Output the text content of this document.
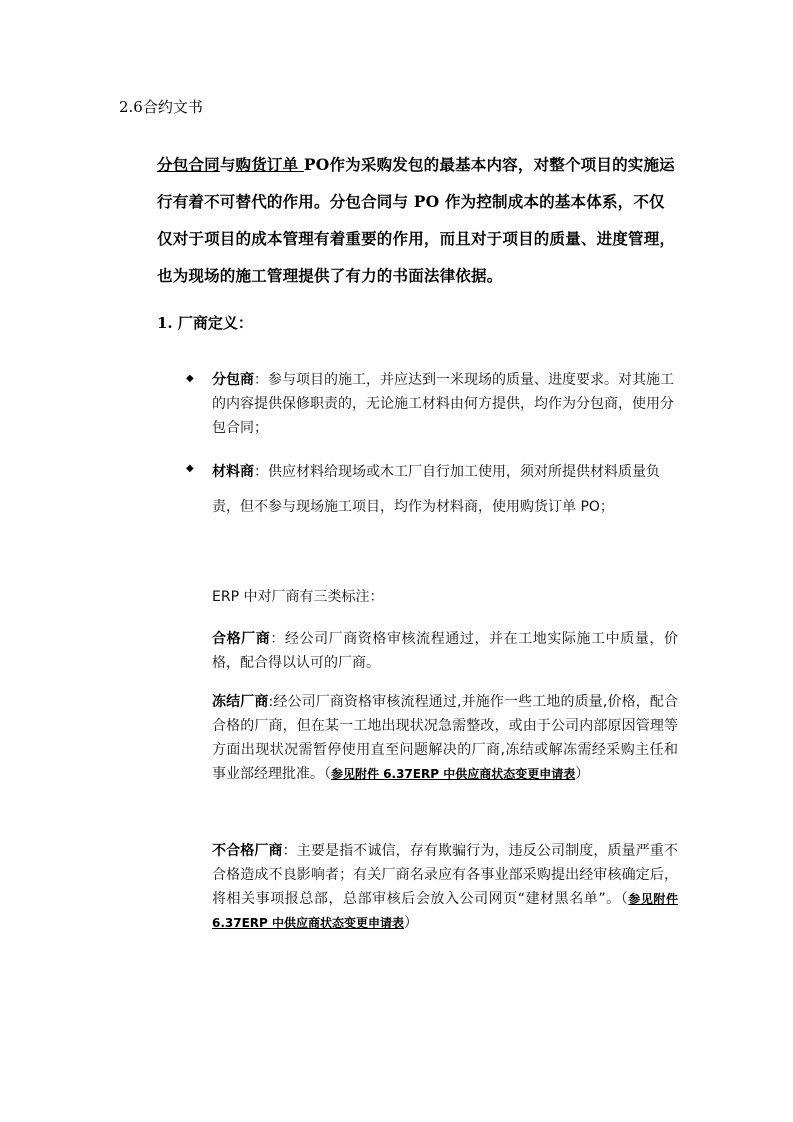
2.6合约文书
分包合同与购货订单 PO作为采购发包的最基本内容，对整个项目的实施运行有着不可替代的作用。分包合同与 PO 作为控制成本的基本体系，不仅仅对于项目的成本管理有着重要的作用，而且对于项目的质量、进度管理，也为现场的施工管理提供了有力的书面法律依据。
1. 厂商定义：
◆ 分包商：参与项目的施工，并应达到一米现场的质量、进度要求。对其施工的内容提供保修职责的，无论施工材料由何方提供，均作为分包商，使用分包合同；
◆ 材料商：供应材料给现场或木工厂自行加工使用，须对所提供材料质量负责，但不参与现场施工项目，均作为材料商，使用购货订单 PO；
ERP 中对厂商有三类标注：
合格厂商：经公司厂商资格审核流程通过，并在工地实际施工中质量，价格，配合得以认可的厂商。
冻结厂商:经公司厂商资格审核流程通过,并施作一些工地的质量,价格，配合合格的厂商，但在某一工地出现状况急需整改，或由于公司内部原因管理等方面出现状况需暂停使用直至问题解决的厂商,冻结或解冻需经采购主任和事业部经理批准。（参见附件 6.37ERP 中供应商状态变更申请表）
不合格厂商：主要是指不诚信，存有欺骗行为，违反公司制度，质量严重不合格造成不良影响者；有关厂商名录应有各事业部采购提出经审核确定后，将相关事项报总部，总部审核后会放入公司网页“建材黑名单”。（参见附件 6.37ERP 中供应商状态变更申请表）
